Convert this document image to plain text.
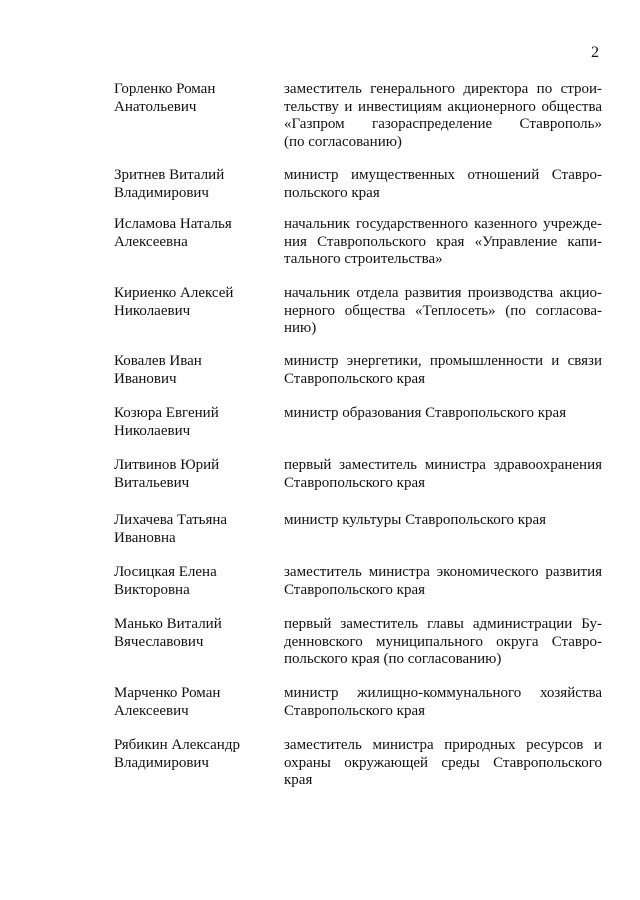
2
Горленко Роман
Анатольевич
заместитель генерального директора по строи-
тельству и инвестициям акционерного общества
«Газпром газораспределение Ставрополь»
(по согласованию)
Зритнев Виталий
Владимирович
министр имущественных отношений Ставро-
польского края
Исламова Наталья
Алексеевна
начальник государственного казенного учрежде-
ния Ставропольского края «Управление капи-
тального строительства»
Кириенко Алексей
Николаевич
начальник отдела развития производства акцио-
нерного общества «Теплосеть» (по согласова-
нию)
Ковалев Иван
Иванович
министр энергетики, промышленности и связи
Ставропольского края
Козюра Евгений
Николаевич
министр образования Ставропольского края
Литвинов Юрий
Витальевич
первый заместитель министра здравоохранения
Ставропольского края
Лихачева Татьяна
Ивановна
министр культуры Ставропольского края
Лосицкая Елена
Викторовна
заместитель министра экономического развития
Ставропольского края
Манько Виталий
Вячеславович
первый заместитель главы администрации Бу-
денновского муниципального округа Ставро-
польского края (по согласованию)
Марченко Роман
Алексеевич
министр жилищно-коммунального хозяйства
Ставропольского края
Рябикин Александр
Владимирович
заместитель министра природных ресурсов и
охраны окружающей среды Ставропольского
края
